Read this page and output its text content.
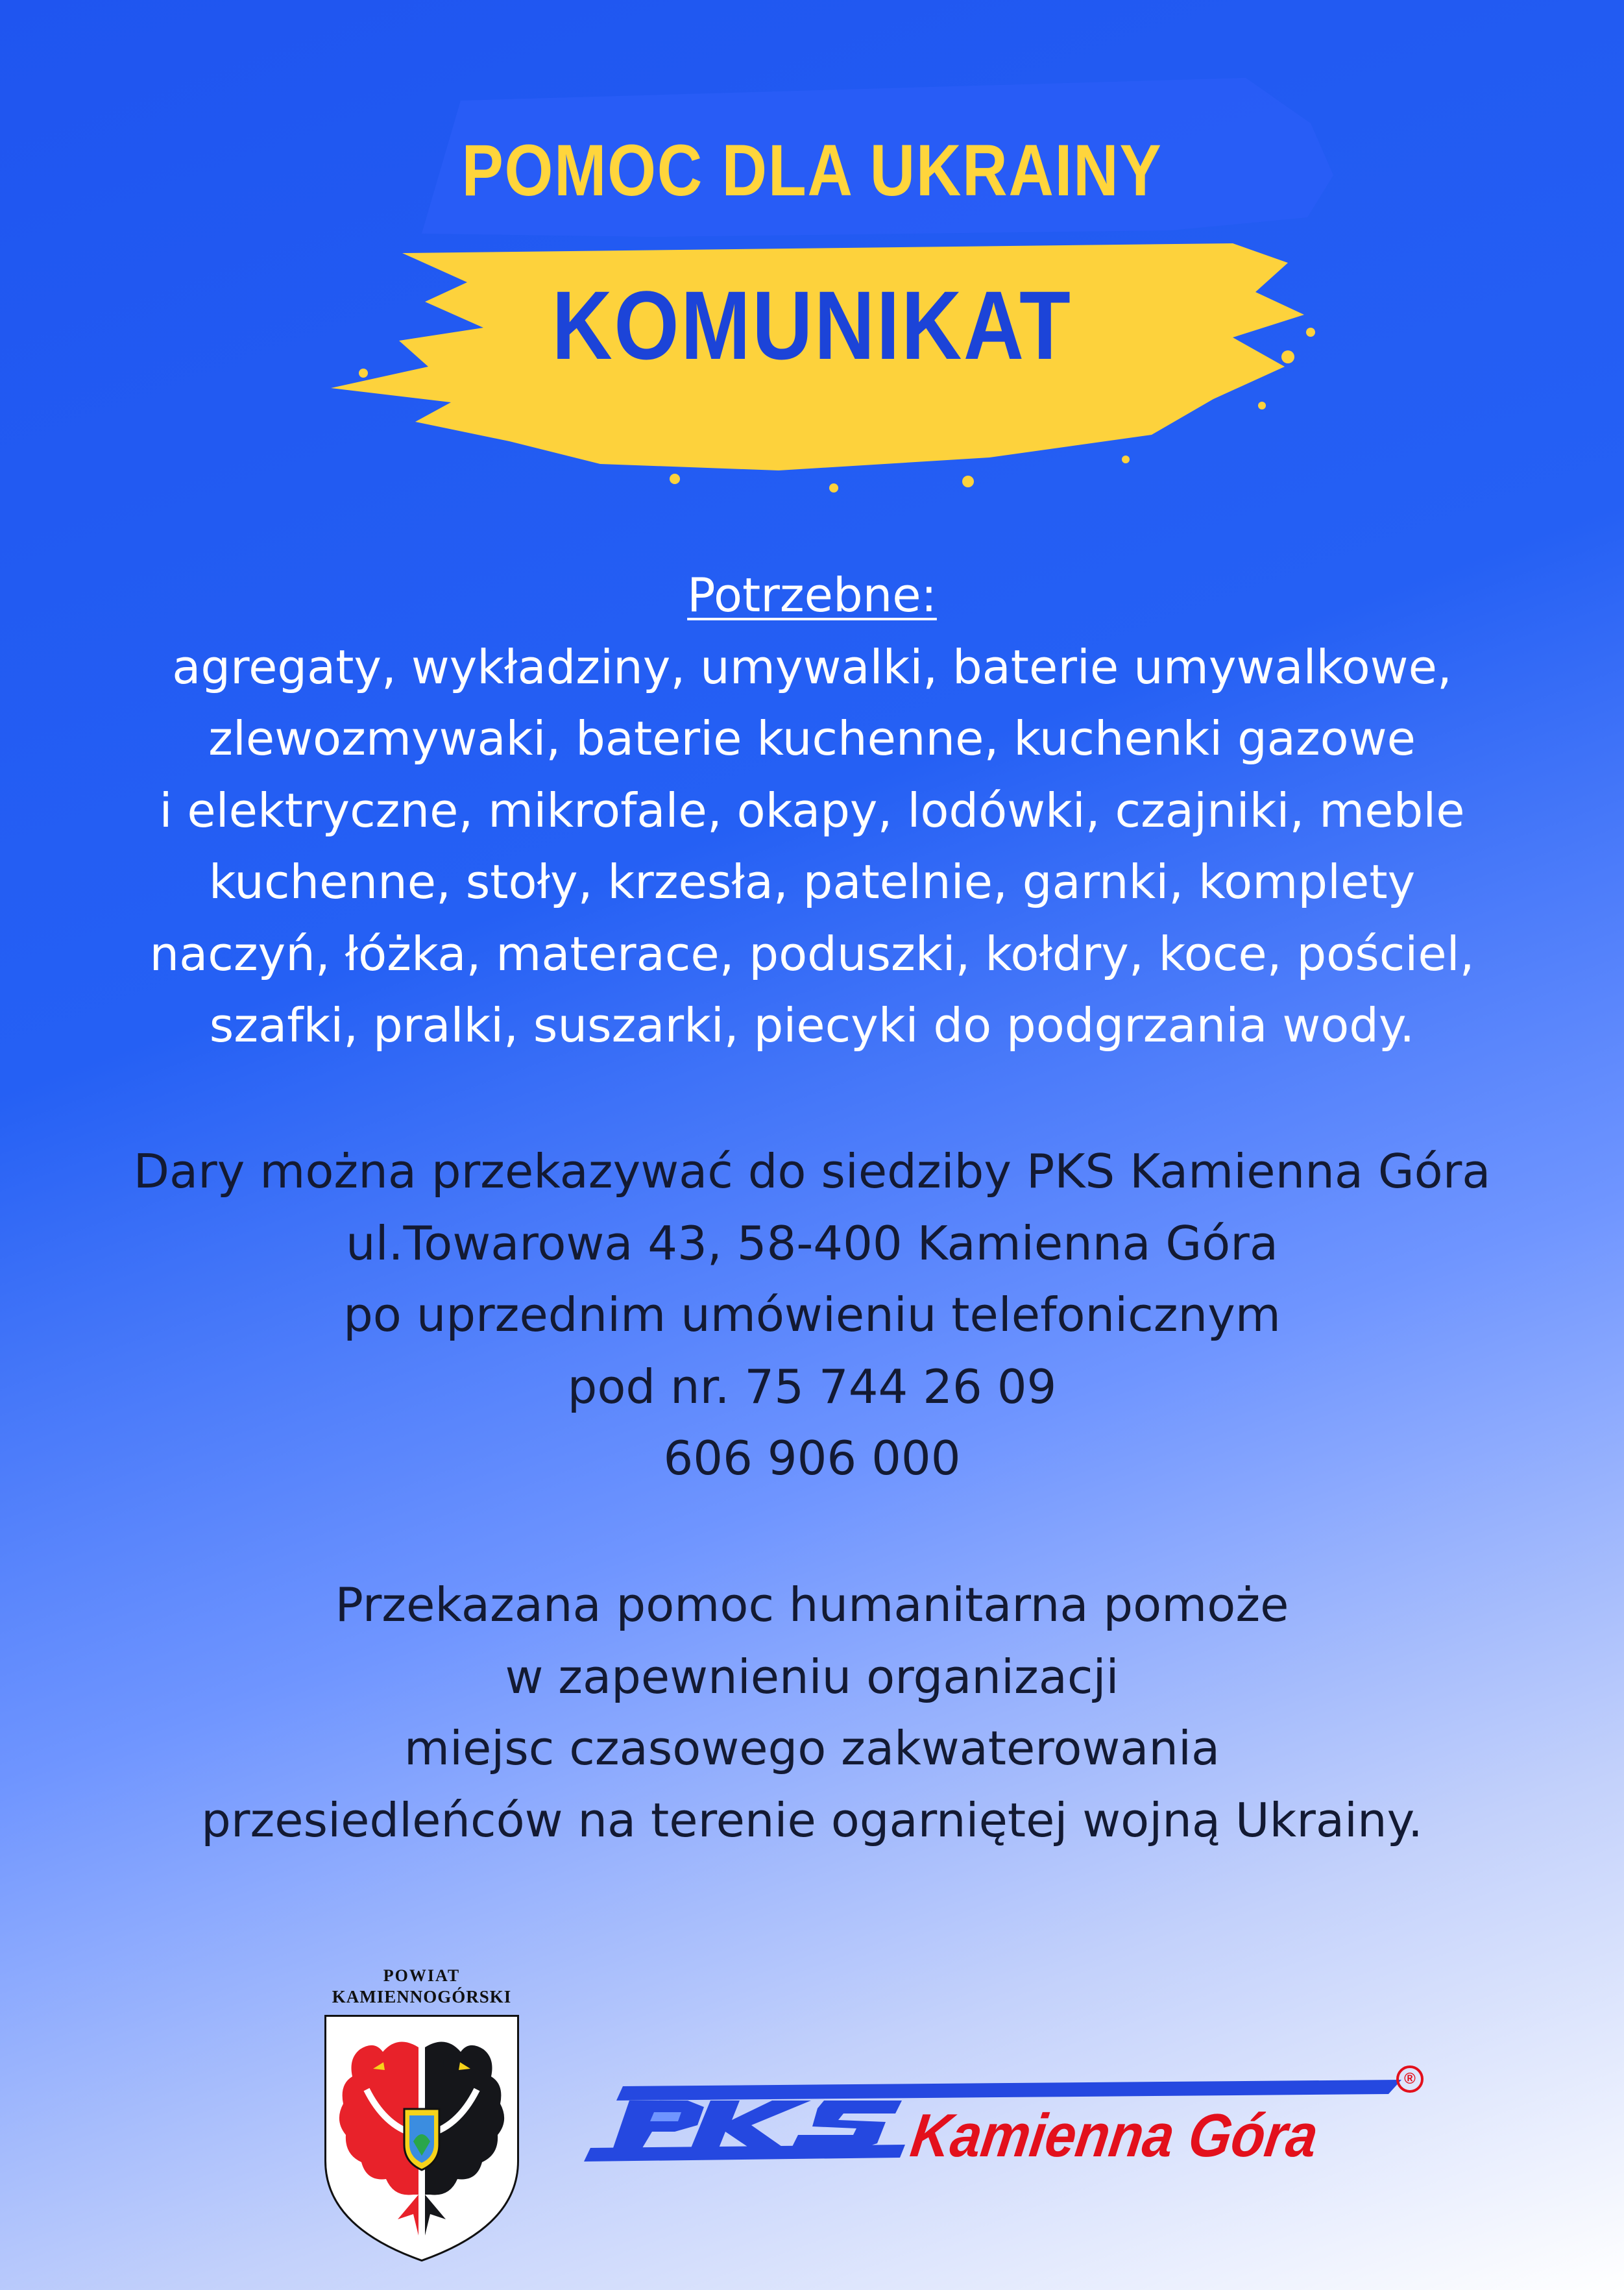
POMOC DLA UKRAINY
KOMUNIKAT
Potrzebne:
agregaty, wykładziny, umywalki, baterie umywalkowe,
zlewozmywaki, baterie kuchenne, kuchenki gazowe
i elektryczne, mikrofale, okapy, lodówki, czajniki, meble
kuchenne, stoły, krzesła, patelnie, garnki, komplety
naczyń, łóżka, materace, poduszki, kołdry, koce, pościel,
szafki, pralki, suszarki, piecyki do podgrzania wody.
Dary można przekazywać do siedziby PKS Kamienna Góra
ul.Towarowa 43, 58-400 Kamienna Góra
po uprzednim umówieniu telefonicznym
pod nr. 75 744 26 09
606 906 000
Przekazana pomoc humanitarna pomoże
w zapewnieniu organizacji
miejsc czasowego zakwaterowania
przesiedleńców na terenie ogarniętej wojną Ukrainy.
POWIAT
KAMIENNOGÓRSKI
Kamienna Góra
®
